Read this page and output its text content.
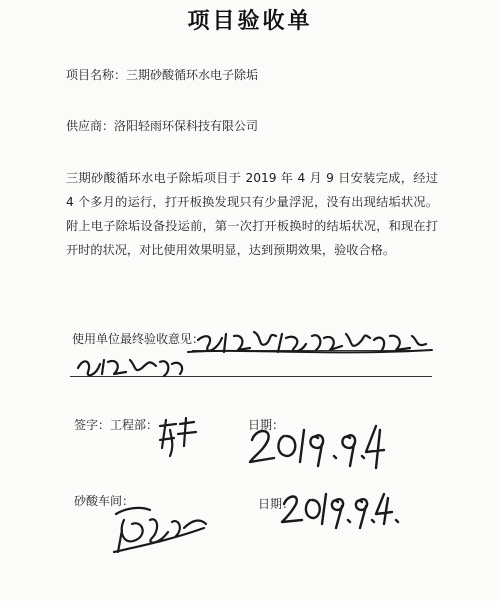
项目验收单
项目名称：三期砂酸循环水电子除垢
供应商：洛阳轻雨环保科技有限公司
三期砂酸循环水电子除垢项目于 2019 年 4 月 9 日安装完成，经过 4 个多月的运行，打开板换发现只有少量浮泥，没有出现结垢状况。附上电子除垢设备投运前，第一次打开板换时的结垢状况，和现在打开时的状况，对比使用效果明显，达到预期效果，验收合格。
使用单位最终验收意见：
签字：工程部：	日期：
砂酸车间：	日期：
